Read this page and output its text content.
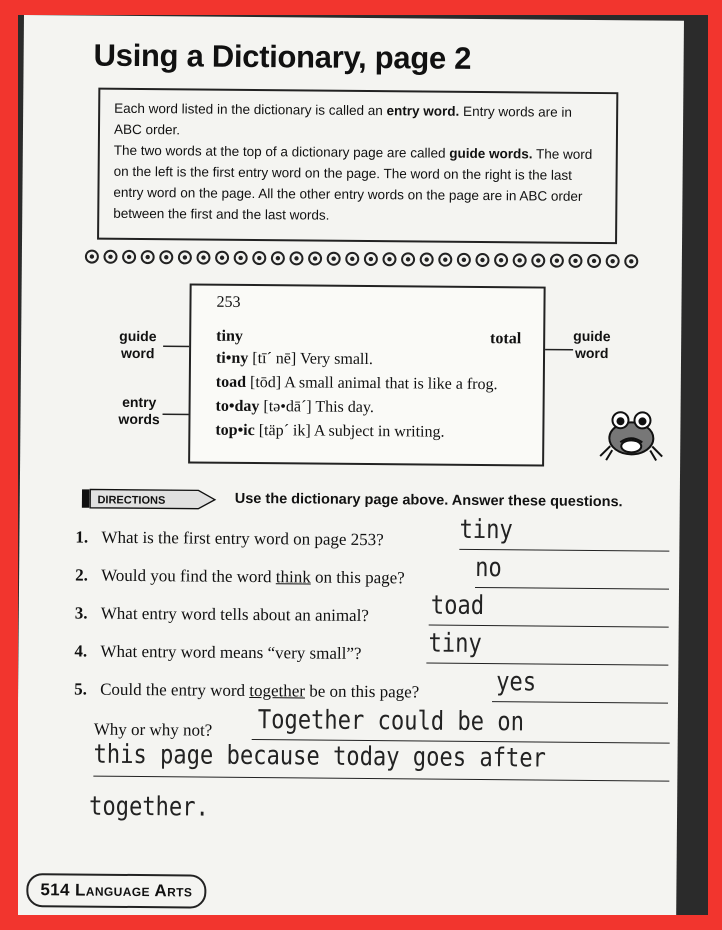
Using a Dictionary, page 2

Each word listed in the dictionary is called an entry word. Entry words are in ABC order.

The two words at the top of a dictionary page are called guide words. The word on the left is the first entry word on the page. The word on the right is the last entry word on the page. All the other entry words on the page are in ABC order between the first and the last words.

guide
word
entry
words
guide
word
253
tiny	total
ti•ny [tī´ nē] Very small.
toad [tōd] A small animal that is like a frog.
to•day [tə•dā´] This day.
top•ic [täp´ ik] A subject in writing.
DIRECTIONS	Use the dictionary page above. Answer these questions.
1. What is the first entry word on page 253?	tiny
2. Would you find the word think on this page?	no
3. What entry word tells about an animal? toad
4. What entry word means “very small”?	tiny
5. Could the entry word together be on this page?	yes
Why or why not? Together could be on
this page because today goes after
together.
514 Language Arts
